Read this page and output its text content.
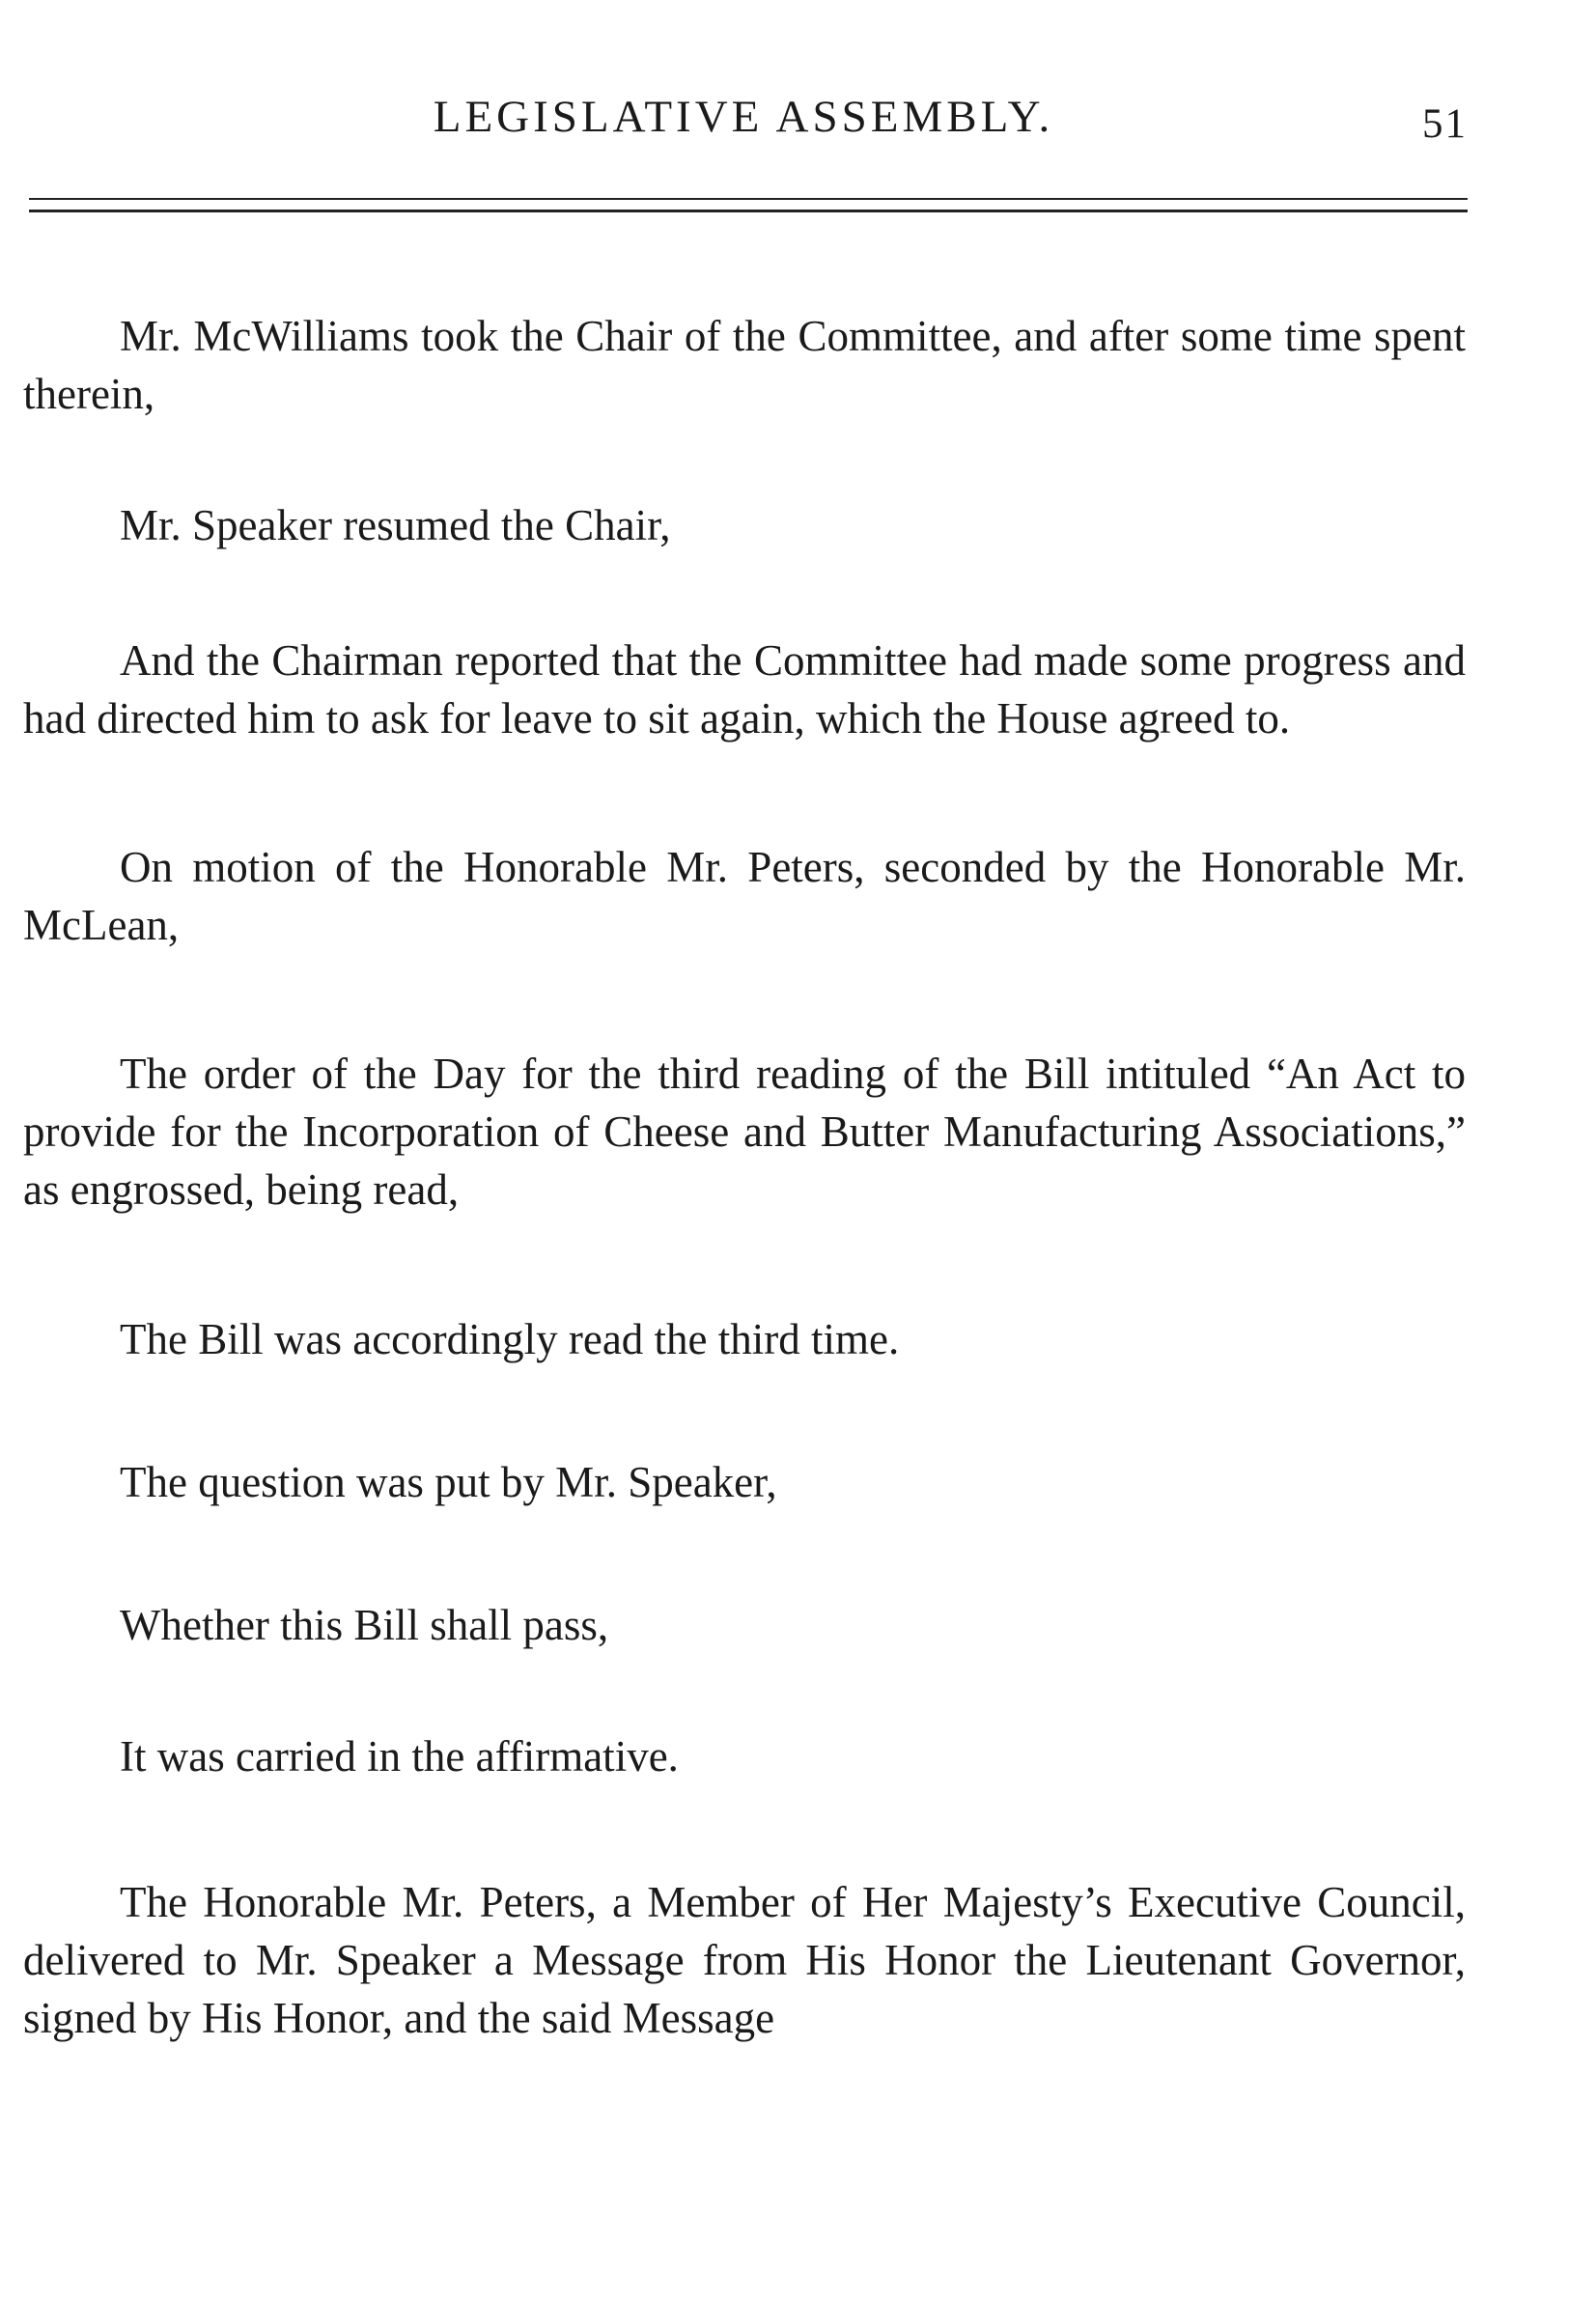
LEGISLATIVE ASSEMBLY.	51

Mr. McWilliams took the Chair of the Committee, and after some time spent therein,

Mr. Speaker resumed the Chair,

And the Chairman reported that the Committee had made some progress and had directed him to ask for leave to sit again, which the House agreed to.

On motion of the Honorable Mr. Peters, seconded by the Honorable Mr. McLean,

The order of the Day for the third reading of the Bill intituled “An Act to provide for the Incorporation of Cheese and Butter Manufacturing Associations,” as engrossed, being read,

The Bill was accordingly read the third time.

The question was put by Mr. Speaker,

Whether this Bill shall pass,

It was carried in the affirmative.

The Honorable Mr. Peters, a Member of Her Majesty’s Executive Council, delivered to Mr. Speaker a Message from His Honor the Lieutenant Governor, signed by His Honor, and the said Message
